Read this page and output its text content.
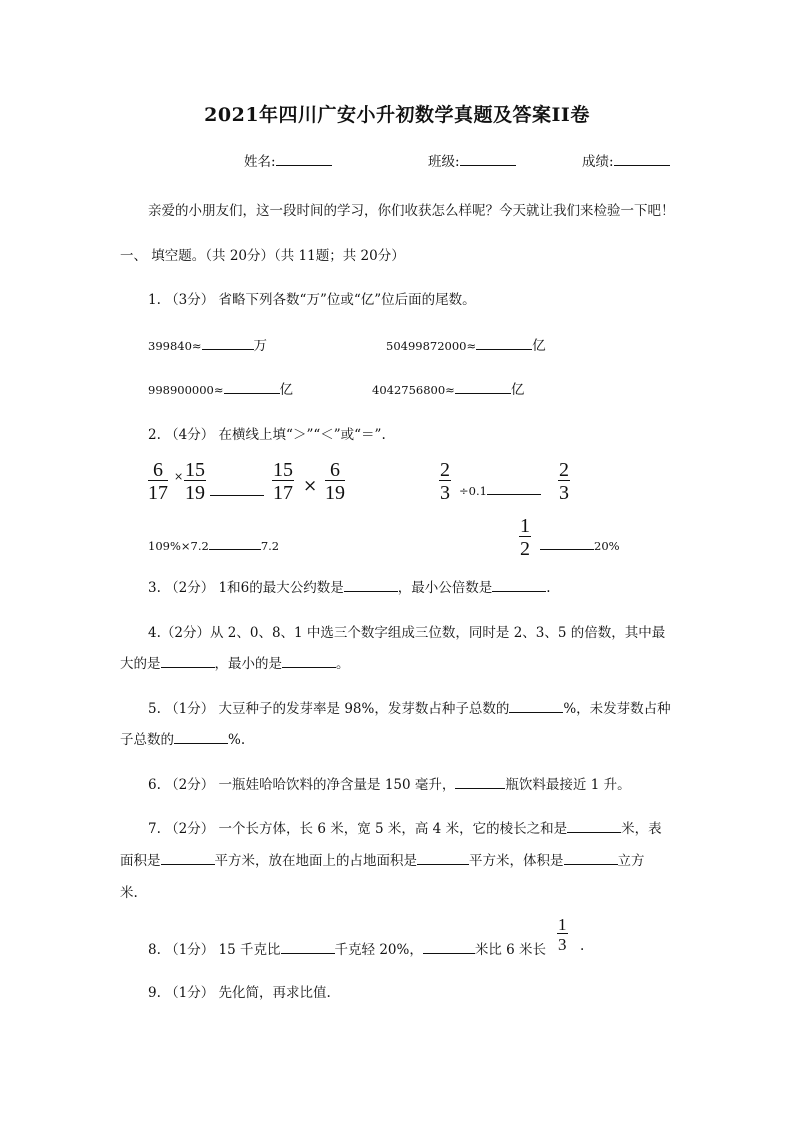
2021年四川广安小升初数学真题及答案II卷
姓名:	班级:	成绩:
亲爱的小朋友们，这一段时间的学习，你们收获怎么样呢？今天就让我们来检验一下吧！
一、 填空题。（共 20分）（共 11题；共 20分）
1. （3分） 省略下列各数“万”位或“亿”位后面的尾数。
399840≈	万	50499872000≈	亿
998900000≈	亿	4042756800≈	亿
2. （4分） 在横线上填“＞”“＜”或“＝”.
$\frac{6}{17} \times \frac{15}{19}$	$\frac{15}{17} \times \frac{6}{19}$	$\frac{2}{3} \div 0.1$	$\frac{2}{3}$
109%×7.2	7.2	$\frac{1}{2}$	20%
3. （2分） 1和6的最大公约数是	，最小公倍数是	.
4.（2分）从 2、0、8、1 中选三个数字组成三位数，同时是 2、3、5 的倍数，其中最
大的是	，最小的是	。
5. （1分） 大豆种子的发芽率是 98%，发芽数占种子总数的	%，未发芽数占种
子总数的	%.
6. （2分） 一瓶娃哈哈饮料的净含量是 150 毫升，	瓶饮料最接近 1 升。
7. （2分） 一个长方体，长 6 米，宽 5 米，高 4 米，它的棱长之和是	米，表
面积是	平方米，放在地面上的占地面积是	平方米，体积是	立方
米.
8. （1分） 15 千克比	千克轻 20%，	米比 6 米长 $\frac{1}{3}$ .
9. （1分） 先化简，再求比值.
